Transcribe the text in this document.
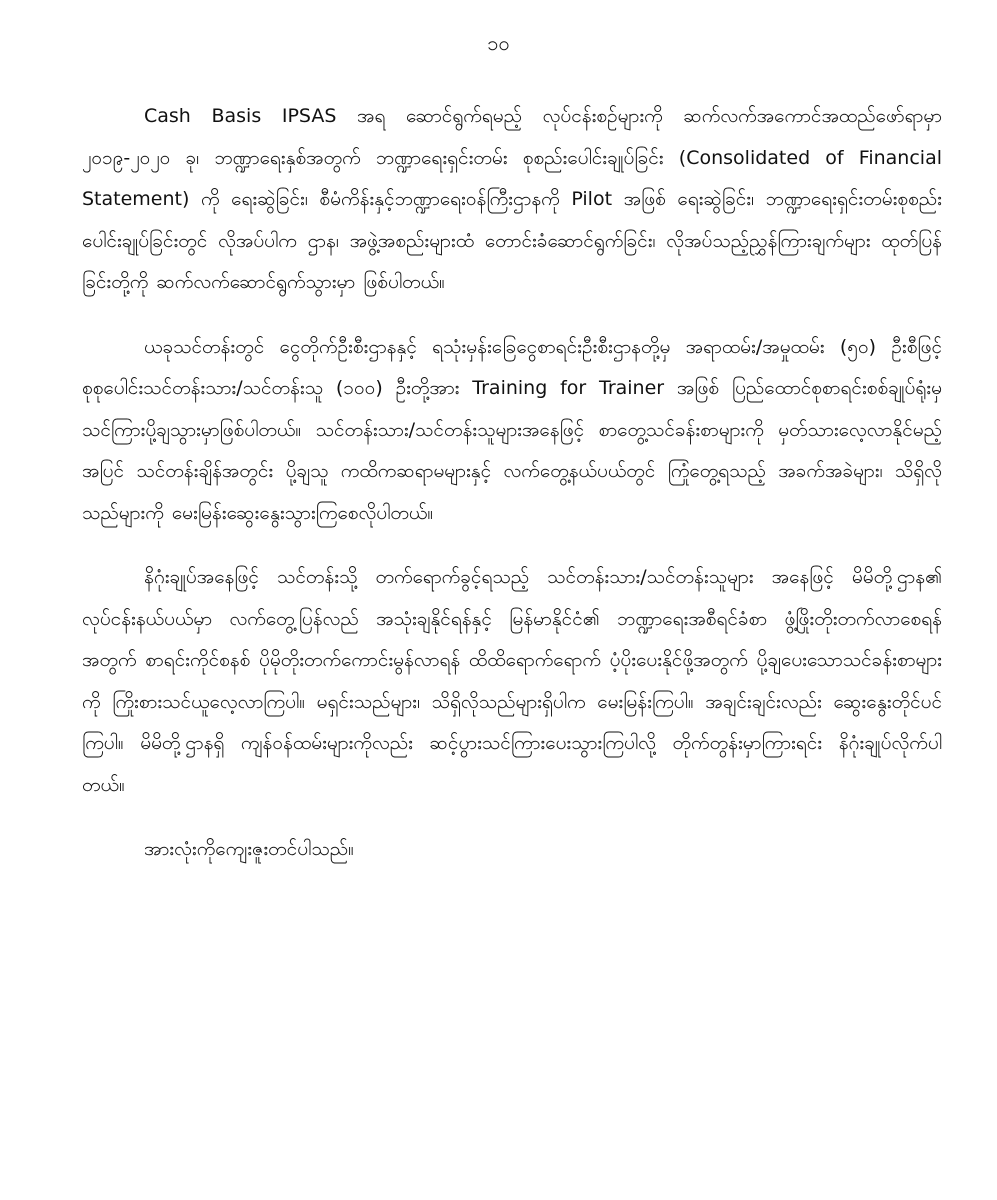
၁၀

Cash Basis IPSAS အရ ဆောင်ရွက်ရမည့် လုပ်ငန်းစဉ်များကို ဆက်လက်အကောင်အထည်ဖော်ရာမှာ ၂၀၁၉-၂၀၂၀ ခု၊ ဘဏ္ဍာရေးနှစ်အတွက် ဘဏ္ဍာရေးရှင်းတမ်း စုစည်းပေါင်းချုပ်ခြင်း (Consolidated of Financial Statement) ကို ရေးဆွဲခြင်း၊ စီမံကိန်းနှင့်ဘဏ္ဍာရေးဝန်ကြီးဌာနကို Pilot အဖြစ် ရေးဆွဲခြင်း၊ ဘဏ္ဍာရေးရှင်းတမ်းစုစည်းပေါင်းချုပ်ခြင်းတွင် လိုအပ်ပါက ဌာန၊ အဖွဲ့အစည်းများထံ တောင်းခံဆောင်ရွက်ခြင်း၊ လိုအပ်သည့်ညွှန်ကြားချက်များ ထုတ်ပြန်ခြင်းတို့ကို ဆက်လက်ဆောင်ရွက်သွားမှာ ဖြစ်ပါတယ်။

ယခုသင်တန်းတွင် ငွေတိုက်ဦးစီးဌာနနှင့် ရသုံးမှန်းခြေငွေစာရင်းဦးစီးဌာနတို့မှ အရာထမ်း/အမှုထမ်း (၅၀) ဦးစီဖြင့် စုစုပေါင်းသင်တန်းသား/သင်တန်းသူ (၁၀၀) ဦးတို့အား Training for Trainer အဖြစ် ပြည်ထောင်စုစာရင်းစစ်ချုပ်ရုံးမှ သင်ကြားပို့ချသွားမှာဖြစ်ပါတယ်။ သင်တန်းသား/သင်တန်းသူများအနေဖြင့် စာတွေ့သင်ခန်းစာများကို မှတ်သားလေ့လာနိုင်မည့်အပြင် သင်တန်းချိန်အတွင်း ပို့ချသူ ကထိကဆရာမများနှင့် လက်တွေ့နယ်ပယ်တွင် ကြုံတွေ့ရသည့် အခက်အခဲများ၊ သိရှိလိုသည်များကို မေးမြန်းဆွေးနွေးသွားကြစေလိုပါတယ်။

နိဂုံးချုပ်အနေဖြင့် သင်တန်းသို့ တက်ရောက်ခွင့်ရသည့် သင်တန်းသား/သင်တန်းသူများ အနေဖြင့် မိမိတို့ဌာန၏ လုပ်ငန်းနယ်ပယ်မှာ လက်တွေ့ပြန်လည် အသုံးချနိုင်ရန်နှင့် မြန်မာနိုင်ငံ၏ ဘဏ္ဍာရေးအစီရင်ခံစာ ဖွံ့ဖြိုးတိုးတက်လာစေရန်အတွက် စာရင်းကိုင်စနစ် ပိုမိုတိုးတက်ကောင်းမွန်လာရန် ထိထိရောက်ရောက် ပံ့ပိုးပေးနိုင်ဖို့အတွက် ပို့ချပေးသောသင်ခန်းစာများကို ကြိုးစားသင်ယူလေ့လာကြပါ။ မရှင်းသည်များ၊ သိရှိလိုသည်များရှိပါက မေးမြန်းကြပါ။ အချင်းချင်းလည်း ဆွေးနွေးတိုင်ပင်ကြပါ။ မိမိတို့ဌာနရှိ ကျန်ဝန်ထမ်းများကိုလည်း ဆင့်ပွားသင်ကြားပေးသွားကြပါလို့ တိုက်တွန်းမှာကြားရင်း နိဂုံးချုပ်လိုက်ပါတယ်။

အားလုံးကိုကျေးဇူးတင်ပါသည်။
